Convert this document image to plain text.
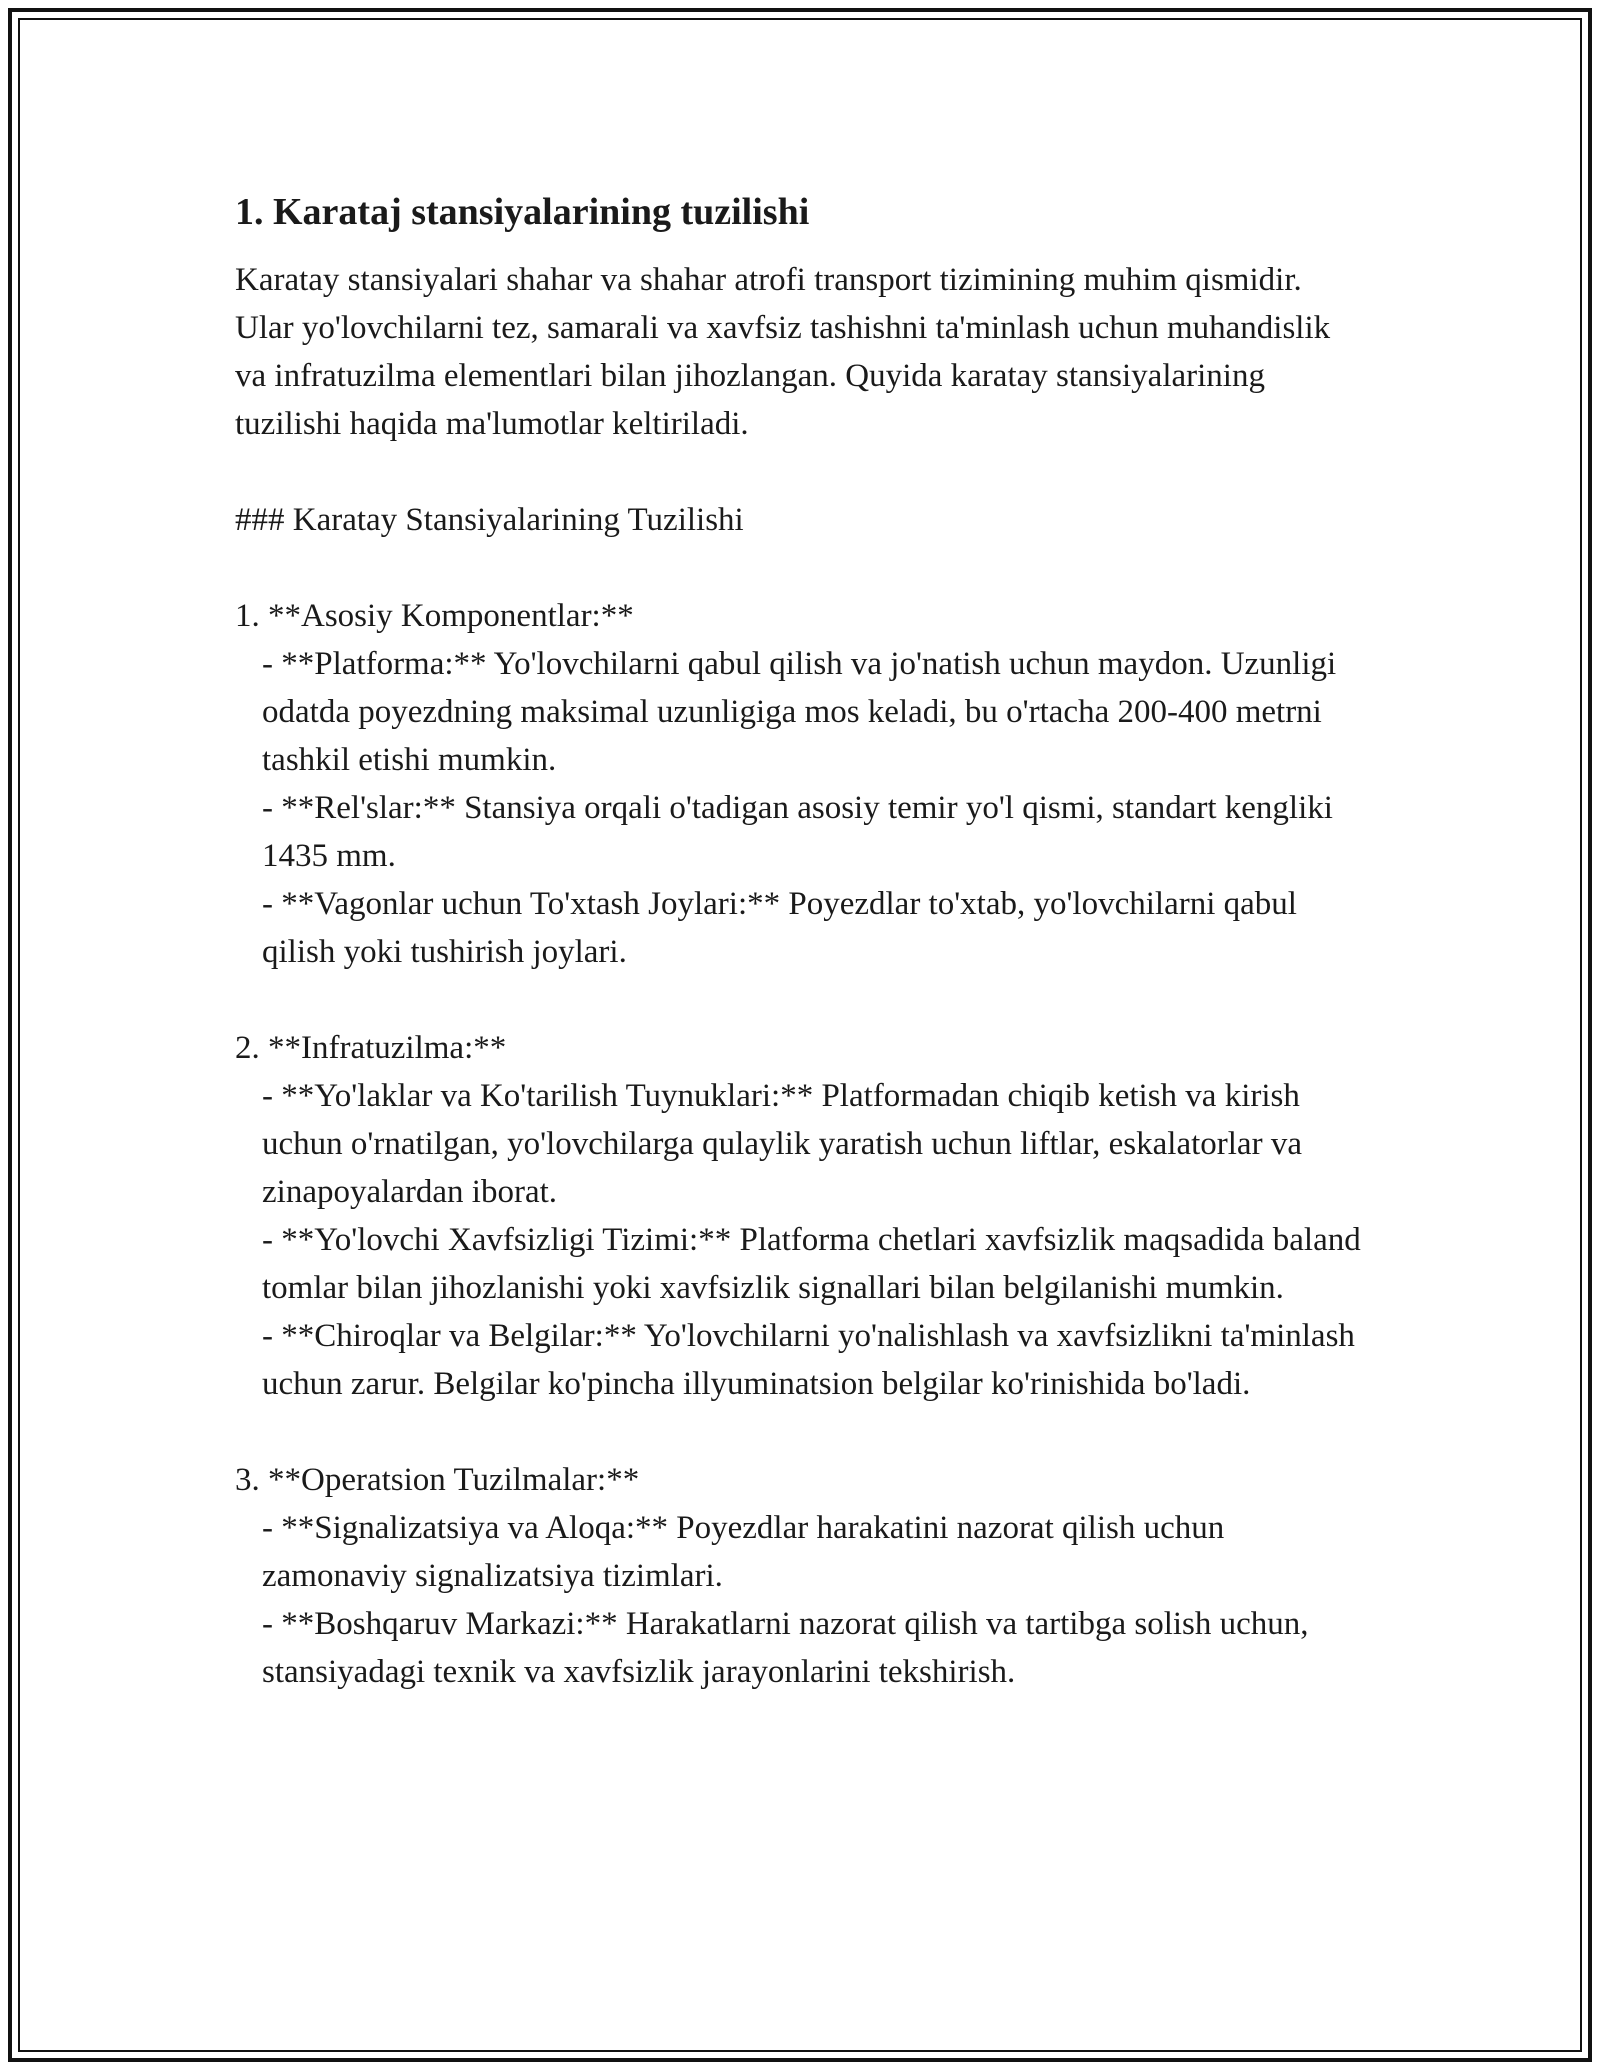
1. Karataj stansiyalarining tuzilishi

Karatay stansiyalari shahar va shahar atrofi transport tizimining muhim qismidir. Ular yo'lovchilarni tez, samarali va xavfsiz tashishni ta'minlash uchun muhandislik va infratuzilma elementlari bilan jihozlangan. Quyida karatay stansiyalarining tuzilishi haqida ma'lumotlar keltiriladi.

### Karatay Stansiyalarining Tuzilishi
1. **Asosiy Komponentlar:**
- **Platforma:** Yo'lovchilarni qabul qilish va jo'natish uchun maydon. Uzunligi odatda poyezdning maksimal uzunligiga mos keladi, bu o'rtacha 200-400 metrni tashkil etishi mumkin.
- **Rel'slar:** Stansiya orqali o'tadigan asosiy temir yo'l qismi, standart kengliki 1435 mm.
- **Vagonlar uchun To'xtash Joylari:** Poyezdlar to'xtab, yo'lovchilarni qabul qilish yoki tushirish joylari.
2. **Infratuzilma:**
- **Yo'laklar va Ko'tarilish Tuynuklari:** Platformadan chiqib ketish va kirish uchun o'rnatilgan, yo'lovchilarga qulaylik yaratish uchun liftlar, eskalatorlar va zinapoyalardan iborat.
- **Yo'lovchi Xavfsizligi Tizimi:** Platforma chetlari xavfsizlik maqsadida baland tomlar bilan jihozlanishi yoki xavfsizlik signallari bilan belgilanishi mumkin.
- **Chiroqlar va Belgilar:** Yo'lovchilarni yo'nalishlash va xavfsizlikni ta'minlash uchun zarur. Belgilar ko'pincha illyuminatsion belgilar ko'rinishida bo'ladi.
3. **Operatsion Tuzilmalar:**
- **Signalizatsiya va Aloqa:** Poyezdlar harakatini nazorat qilish uchun zamonaviy signalizatsiya tizimlari.
- **Boshqaruv Markazi:** Harakatlarni nazorat qilish va tartibga solish uchun, stansiyadagi texnik va xavfsizlik jarayonlarini tekshirish.
